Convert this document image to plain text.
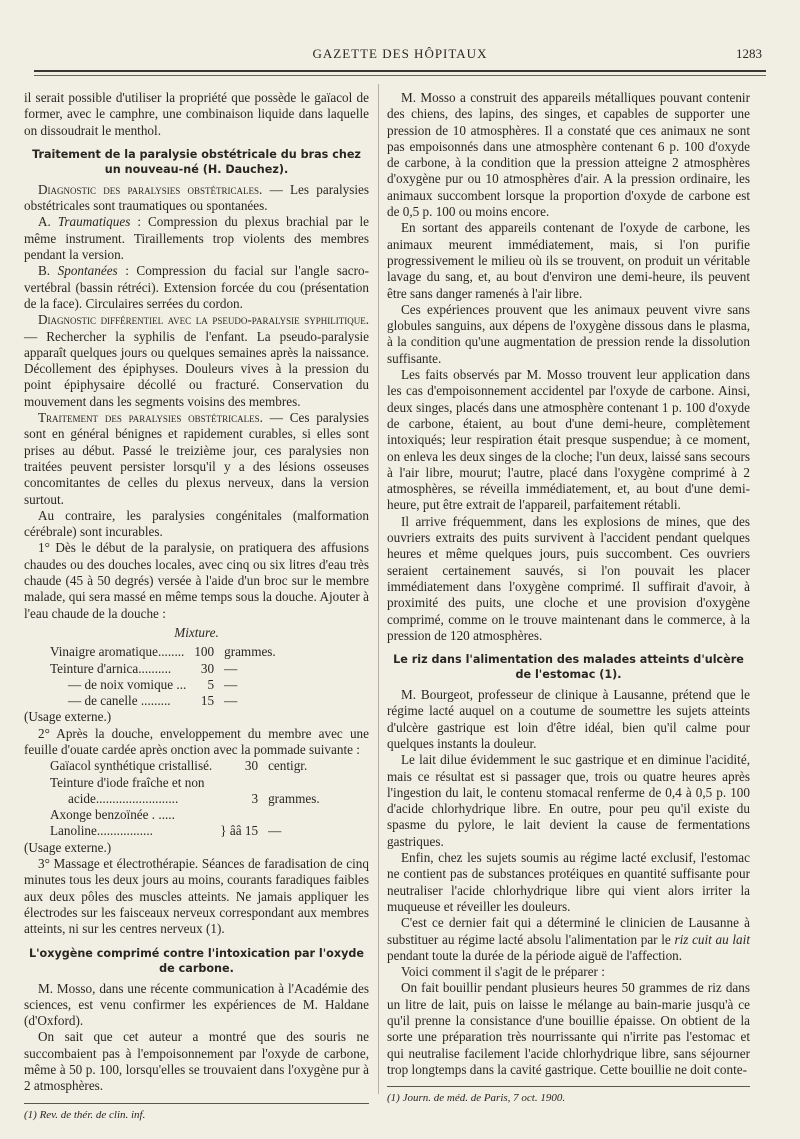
GAZETTE DES HÔPITAUX	1283

il serait possible d'utiliser la propriété que possède le gaïacol de former, avec le camphre, une combinaison liquide dans laquelle on dissoudrait le menthol.

Traitement de la paralysie obstétricale du bras chez un nouveau-né (H. Dauchez).

Diagnostic des paralysies obstétricales. — Les paralysies obstétricales sont traumatiques ou spontanées.

A. Traumatiques : Compression du plexus brachial par le même instrument. Tiraillements trop violents des membres pendant la version.

B. Spontanées : Compression du facial sur l'angle sacro-vertébral (bassin rétréci). Extension forcée du cou (présentation de la face). Circulaires serrées du cordon.

Diagnostic différentiel avec la pseudo-paralysie syphilitique. — Rechercher la syphilis de l'enfant. La pseudo-paralysie apparaît quelques jours ou quelques semaines après la naissance. Décollement des épiphyses. Douleurs vives à la pression du point épiphysaire décollé ou fracturé. Conservation du mouvement dans les segments voisins des membres.

Traitement des paralysies obstétricales. — Ces paralysies sont en général bénignes et rapidement curables, si elles sont prises au début. Passé le treizième jour, ces paralysies non traitées peuvent persister lorsqu'il y a des lésions osseuses concomitantes de celles du plexus nerveux, dans la version surtout.

Au contraire, les paralysies congénitales (malformation cérébrale) sont incurables.

1° Dès le début de la paralysie, on pratiquera des affusions chaudes ou des douches locales, avec cinq ou six litres d'eau très chaude (45 à 50 degrés) versée à l'aide d'un broc sur le membre malade, qui sera massé en même temps sous la douche. Ajouter à l'eau chaude de la douche :

Mixture.
Vinaigre aromatique........	100	grammes.
Teinture d'arnica..........	30	—
— de noix vomique ...	5	—
— de canelle .........	15	—

(Usage externe.)

2° Après la douche, enveloppement du membre avec une feuille d'ouate cardée après onction avec la pommade suivante :

Gaïacol synthétique cristallisé.	30	centigr.
Teinture d'iode fraîche et non		
acide.........................	3	grammes.
Axonge benzoïnée . .....		
Lanoline.................	} ââ 15	—

(Usage externe.)

3° Massage et électrothérapie. Séances de faradisation de cinq minutes tous les deux jours au moins, courants faradiques faibles aux deux pôles des muscles atteints. Ne jamais appliquer les électrodes sur les faisceaux nerveux correspondant aux membres atteints, ni sur les centres nerveux (1).

L'oxygène comprimé contre l'intoxication par l'oxyde de carbone.

M. Mosso, dans une récente communication à l'Académie des sciences, est venu confirmer les expériences de M. Haldane (d'Oxford).

On sait que cet auteur a montré que des souris ne succombaient pas à l'empoisonnement par l'oxyde de carbone, même à 50 p. 100, lorsqu'elles se trouvaient dans l'oxygène pur à 2 atmosphères.

(1) Rev. de thér. de clin. inf.

M. Mosso a construit des appareils métalliques pouvant contenir des chiens, des lapins, des singes, et capables de supporter une pression de 10 atmosphères. Il a constaté que ces animaux ne sont pas empoisonnés dans une atmosphère contenant 6 p. 100 d'oxyde de carbone, à la condition que la pression atteigne 2 atmosphères d'oxygène pur ou 10 atmosphères d'air. A la pression ordinaire, les animaux succombent lorsque la proportion d'oxyde de carbone est de 0,5 p. 100 ou moins encore.

En sortant des appareils contenant de l'oxyde de carbone, les animaux meurent immédiatement, mais, si l'on purifie progressivement le milieu où ils se trouvent, on produit un véritable lavage du sang, et, au bout d'environ une demi-heure, ils peuvent être sans danger ramenés à l'air libre.

Ces expériences prouvent que les animaux peuvent vivre sans globules sanguins, aux dépens de l'oxygène dissous dans le plasma, à la condition qu'une augmentation de pression rende la dissolution suffisante.

Les faits observés par M. Mosso trouvent leur application dans les cas d'empoisonnement accidentel par l'oxyde de carbone. Ainsi, deux singes, placés dans une atmosphère contenant 1 p. 100 d'oxyde de carbone, étaient, au bout d'une demi-heure, complètement intoxiqués; leur respiration était presque suspendue; à ce moment, on enleva les deux singes de la cloche; l'un deux, laissé sans secours à l'air libre, mourut; l'autre, placé dans l'oxygène comprimé à 2 atmosphères, se réveilla immédiatement, et, au bout d'une demi-heure, put être extrait de l'appareil, parfaitement rétabli.

Il arrive fréquemment, dans les explosions de mines, que des ouvriers extraits des puits survivent à l'accident pendant quelques heures et même quelques jours, puis succombent. Ces ouvriers seraient certainement sauvés, si l'on pouvait les placer immédiatement dans l'oxygène comprimé. Il suffirait d'avoir, à proximité des puits, une cloche et une provision d'oxygène comprimé, comme on le trouve maintenant dans le commerce, à la pression de 120 atmosphères.

Le riz dans l'alimentation des malades atteints d'ulcère de l'estomac (1).

M. Bourgeot, professeur de clinique à Lausanne, prétend que le régime lacté auquel on a coutume de soumettre les sujets atteints d'ulcère gastrique est loin d'être idéal, bien qu'il calme pour quelques instants la douleur.

Le lait dilue évidemment le suc gastrique et en diminue l'acidité, mais ce résultat est si passager que, trois ou quatre heures après l'ingestion du lait, le contenu stomacal renferme de 0,4 à 0,5 p. 100 d'acide chlorhydrique libre. En outre, pour peu qu'il existe du spasme du pylore, le lait devient la cause de fermentations gastriques.

Enfin, chez les sujets soumis au régime lacté exclusif, l'estomac ne contient pas de substances protéiques en quantité suffisante pour neutraliser l'acide chlorhydrique libre qui vient alors irriter la muqueuse et réveiller les douleurs.

C'est ce dernier fait qui a déterminé le clinicien de Lausanne à substituer au régime lacté absolu l'alimentation par le riz cuit au lait pendant toute la durée de la période aiguë de l'affection.

Voici comment il s'agit de le préparer :

On fait bouillir pendant plusieurs heures 50 grammes de riz dans un litre de lait, puis on laisse le mélange au bain-marie jusqu'à ce qu'il prenne la consistance d'une bouillie épaisse. On obtient de la sorte une préparation très nourrissante qui n'irrite pas l'estomac et qui neutralise facilement l'acide chlorhydrique libre, sans séjourner trop longtemps dans la cavité gastrique. Cette bouillie ne doit conte-

(1) Journ. de méd. de Paris, 7 oct. 1900.
